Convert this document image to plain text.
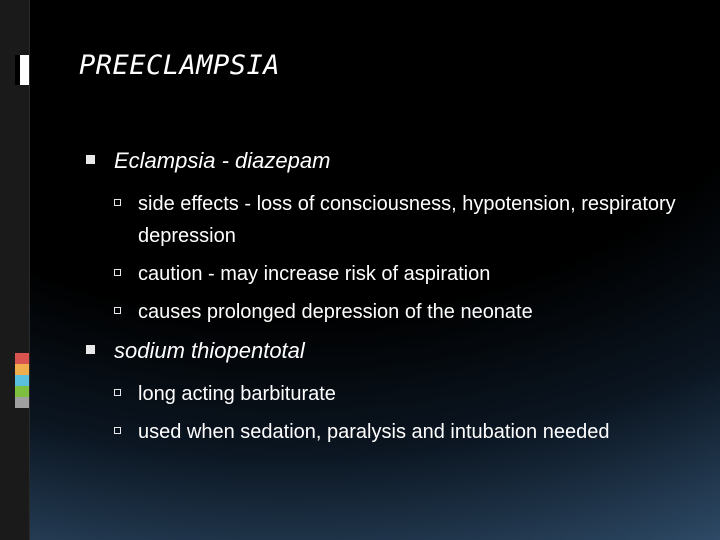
PREECLAMPSIA

Eclampsia - diazepam

side effects - loss of consciousness, hypotension, respiratory depression

caution - may increase risk of aspiration

causes prolonged depression of the neonate

sodium thiopentotal

long acting barbiturate

used when sedation, paralysis and intubation needed
